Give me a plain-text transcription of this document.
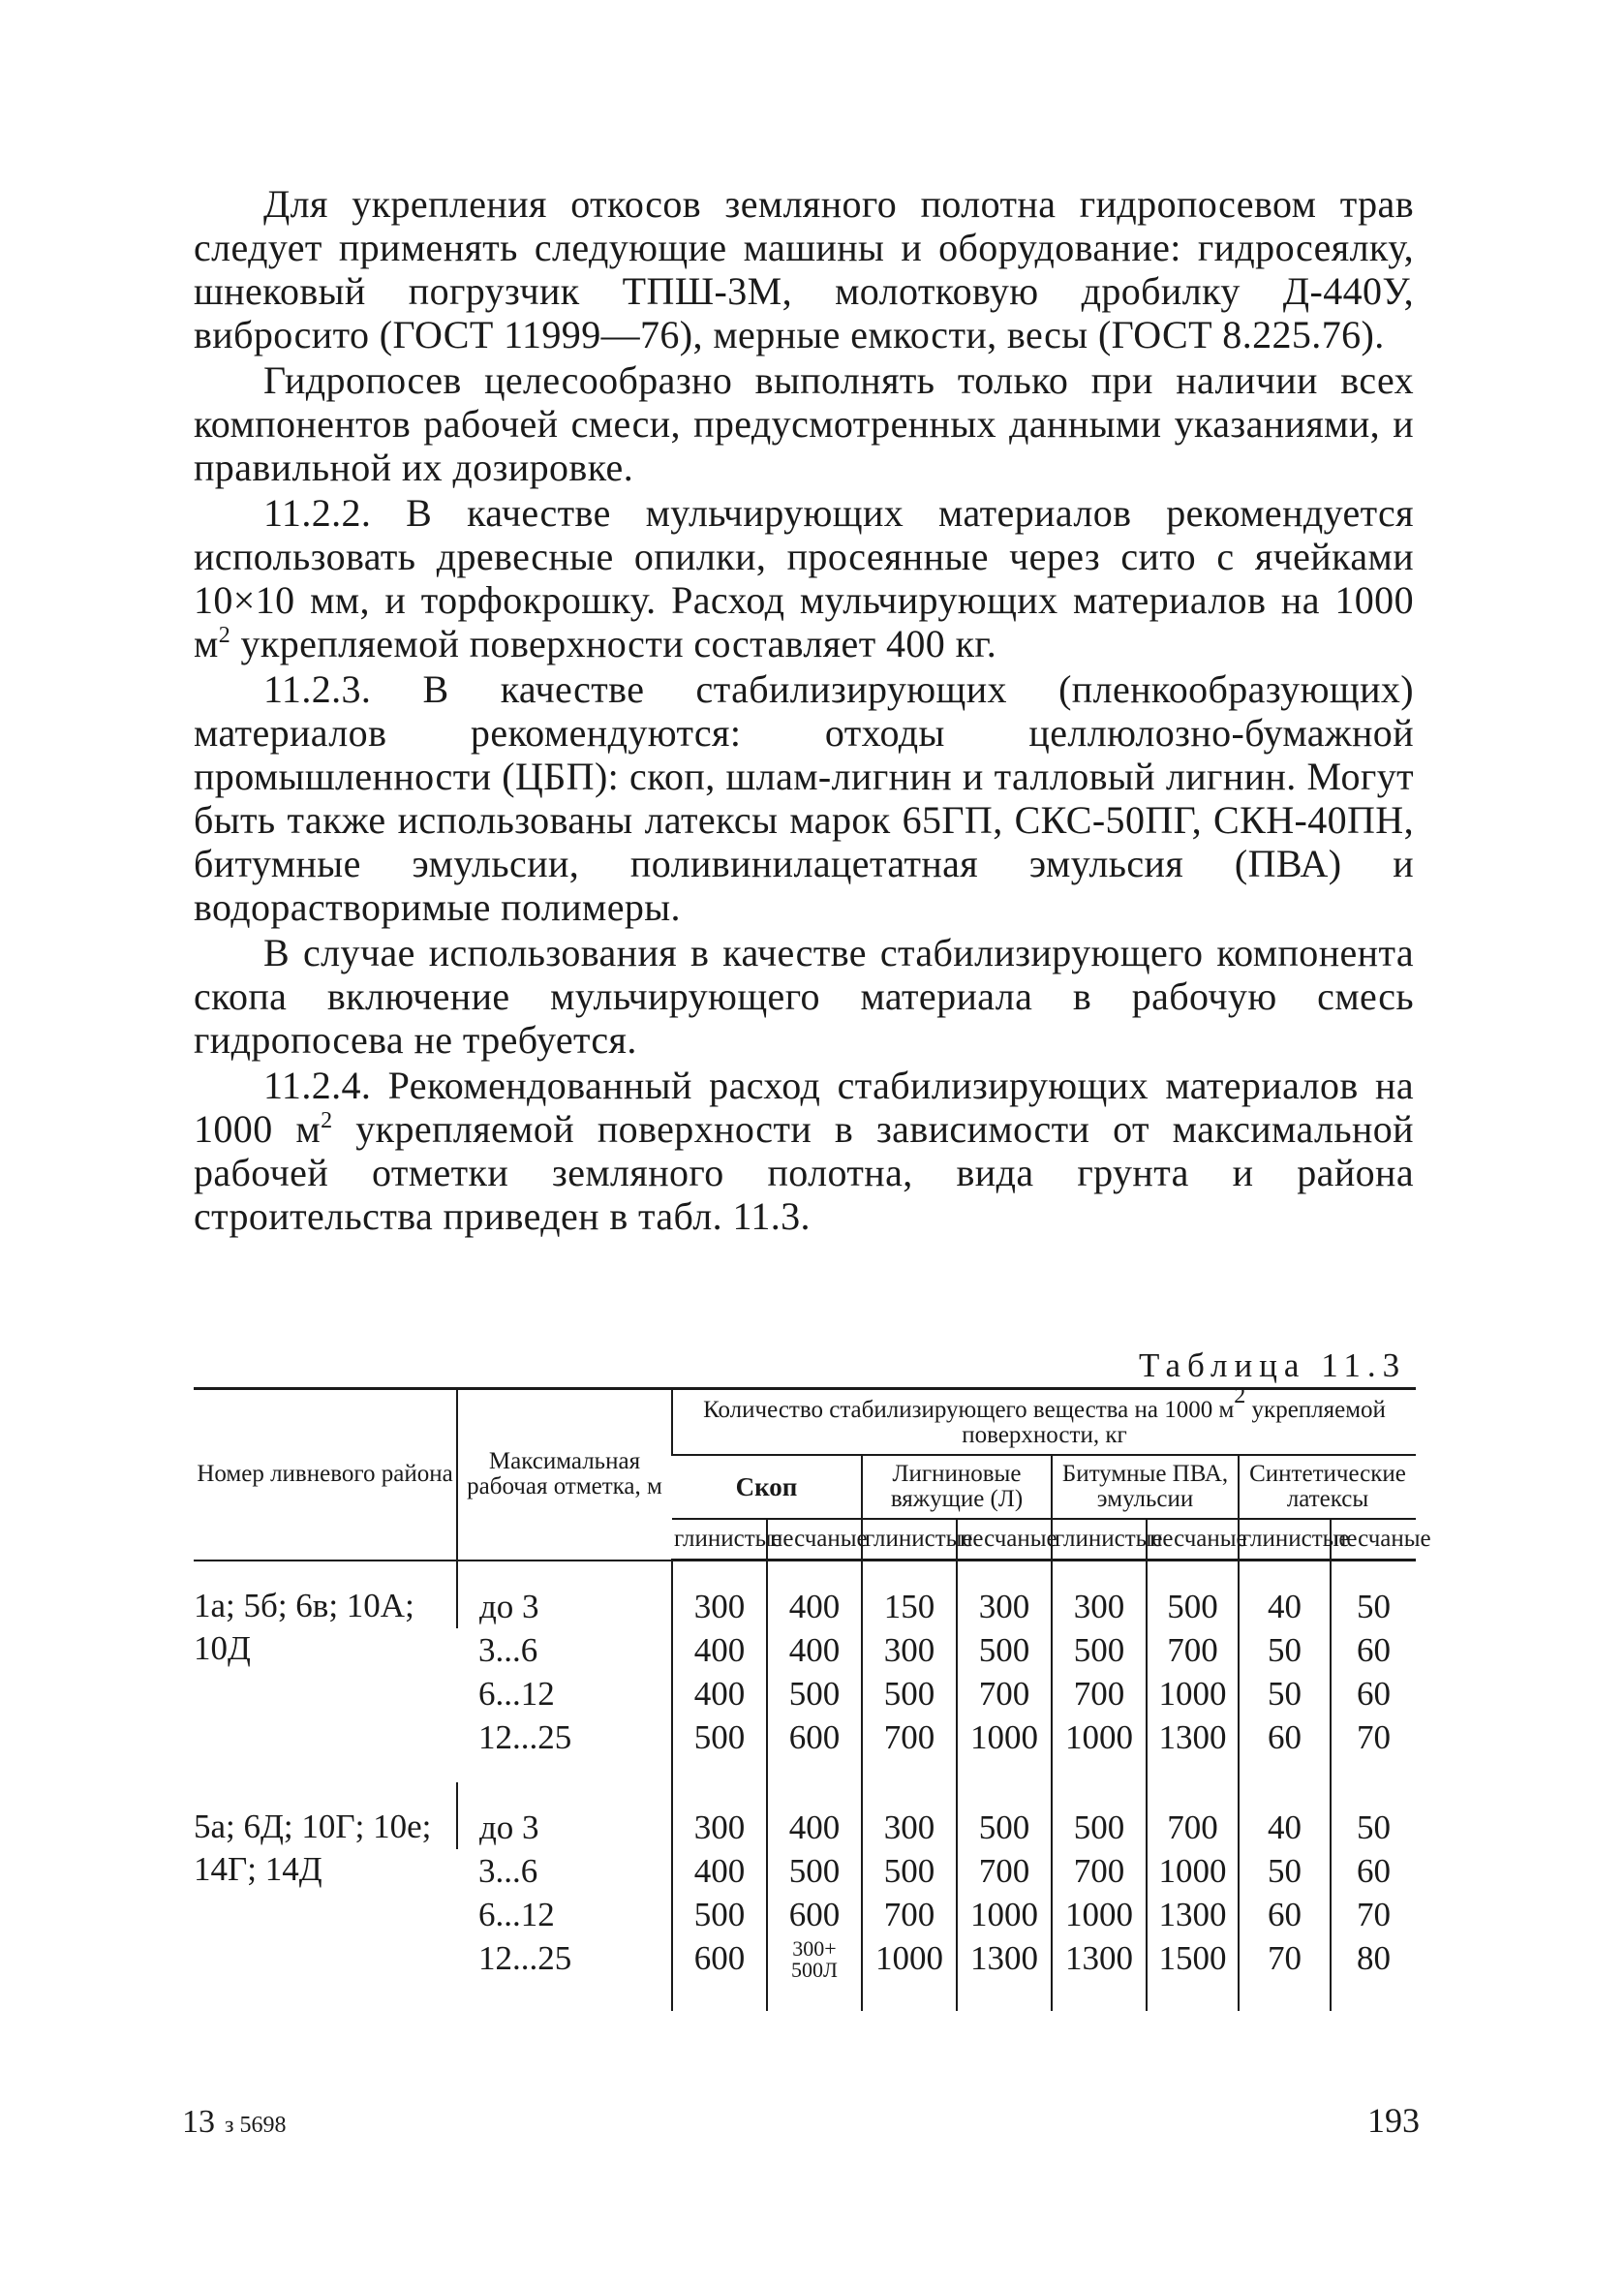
Для укрепления откосов земляного полотна гидропосевом трав следует применять следующие машины и оборудование: гидросеялку, шнековый погрузчик ТПШ-3М, молотковую дробилку Д-440У, вибросито (ГОСТ 11999—76), мерные емкости, весы (ГОСТ 8.225.76).

Гидропосев целесообразно выполнять только при наличии всех компонентов рабочей смеси, предусмотренных данными указаниями, и правильной их дозировке.

11.2.2. В качестве мульчирующих материалов рекомендуется использовать древесные опилки, просеянные через сито с ячейками 10×10 мм, и торфокрошку. Расход мульчирующих материалов на 1000 $м^2$ укрепляемой поверхности составляет 400 кг.

11.2.3. В качестве стабилизирующих (пленкообразующих) материалов рекомендуются: отходы целлюлозно-бумажной промышленности (ЦБП): скоп, шлам-лигнин и талловый лигнин. Могут быть также использованы латексы марок 65ГП, СКС-50ПГ, СКН-40ПН, битумные эмульсии, поливинилацетатная эмульсия (ПВА) и водорастворимые полимеры.

В случае использования в качестве стабилизирующего компонента скопа включение мульчирующего материала в рабочую смесь гидропосева не требуется.

11.2.4. Рекомендованный расход стабилизирующих материалов на 1000 $м^2$ укрепляемой поверхности в зависимости от максимальной рабочей отметки земляного полотна, вида грунта и района строительства приведен в табл. 11.3.

Таблица 11.3
Номер ливневого района	Максимальная рабочая отметка, м	Количество стабилизирующего вещества на 1000 $м^2$ укрепляемой поверхности, кг							
		Скоп		Лигниновые вяжущие (Л)		Битумные ПВА, эмульсии		Синтетические латексы	
		глинистые	песчаные	глинистые	песчаные	глинистые	песчаные	глинистые	песчаные
1а; 5б; 6в; 10А; 10Д	до 3	300	400	150	300	300	500	40	50
	3...6	400	400	300	500	500	700	50	60
	6...12	400	500	500	700	700	1000	50	60
	12...25	500	600	700	1000	1000	1300	60	70
5а; 6Д; 10Г; 10е; 14Г; 14Д	до 3	300	400	300	500	500	700	40	50
	3...6	400	500	500	700	700	1000	50	60
	6...12	500	600	700	1000	1000	1300	60	70
	12...25	600	300+
500Л	1000	1300	1300	1500	70	80
13 з 5698	193
